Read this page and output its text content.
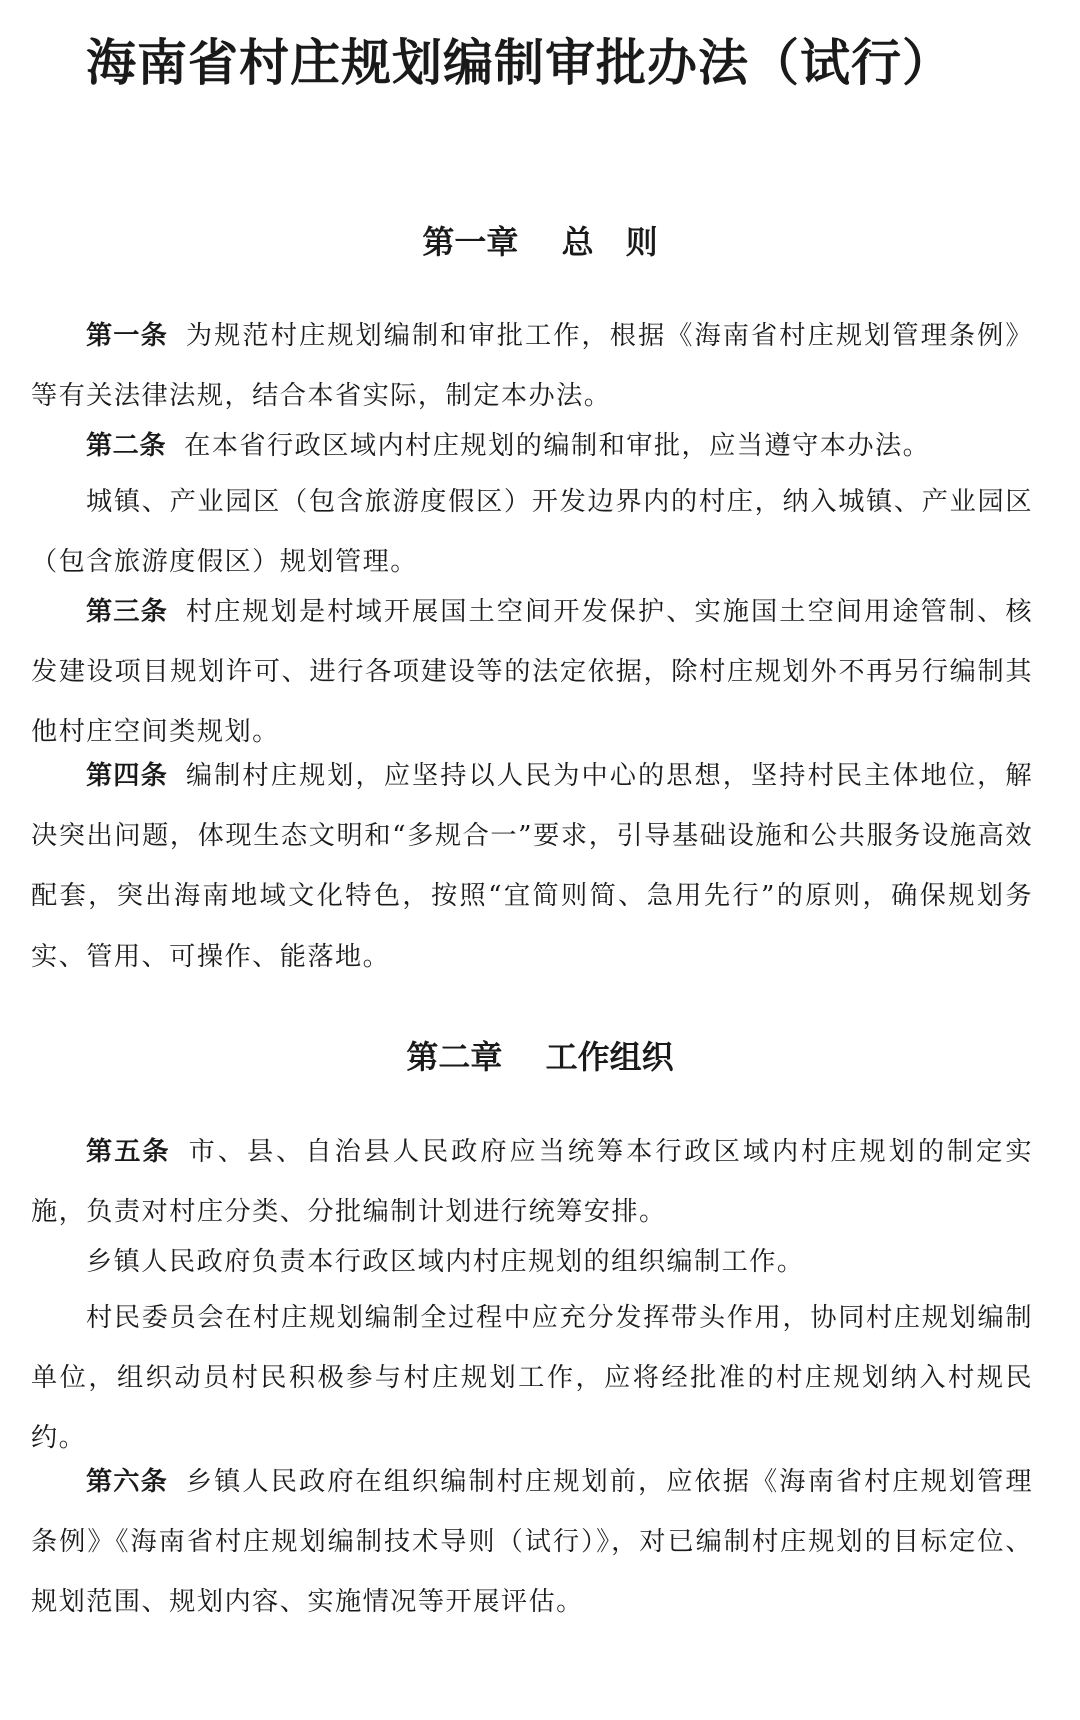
海南省村庄规划编制审批办法（试行）
第一章　 总　则

第一条 为规范村庄规划编制和审批工作，根据《海南省村庄规划管理条例》等有关法律法规，结合本省实际，制定本办法。

第二条 在本省行政区域内村庄规划的编制和审批，应当遵守本办法。

城镇、产业园区（包含旅游度假区）开发边界内的村庄，纳入城镇、产业园区（包含旅游度假区）规划管理。

第三条 村庄规划是村域开展国土空间开发保护、实施国土空间用途管制、核发建设项目规划许可、进行各项建设等的法定依据，除村庄规划外不再另行编制其他村庄空间类规划。

第四条 编制村庄规划，应坚持以人民为中心的思想，坚持村民主体地位，解决突出问题，体现生态文明和“多规合一”要求，引导基础设施和公共服务设施高效配套，突出海南地域文化特色，按照“宜简则简、急用先行”的原则，确保规划务实、管用、可操作、能落地。

第二章　 工作组织

第五条 市、县、自治县人民政府应当统筹本行政区域内村庄规划的制定实施，负责对村庄分类、分批编制计划进行统筹安排。

乡镇人民政府负责本行政区域内村庄规划的组织编制工作。

村民委员会在村庄规划编制全过程中应充分发挥带头作用，协同村庄规划编制单位，组织动员村民积极参与村庄规划工作，应将经批准的村庄规划纳入村规民约。

第六条 乡镇人民政府在组织编制村庄规划前，应依据《海南省村庄规划管理条例》《海南省村庄规划编制技术导则（试行）》，对已编制村庄规划的目标定位、规划范围、规划内容、实施情况等开展评估。
